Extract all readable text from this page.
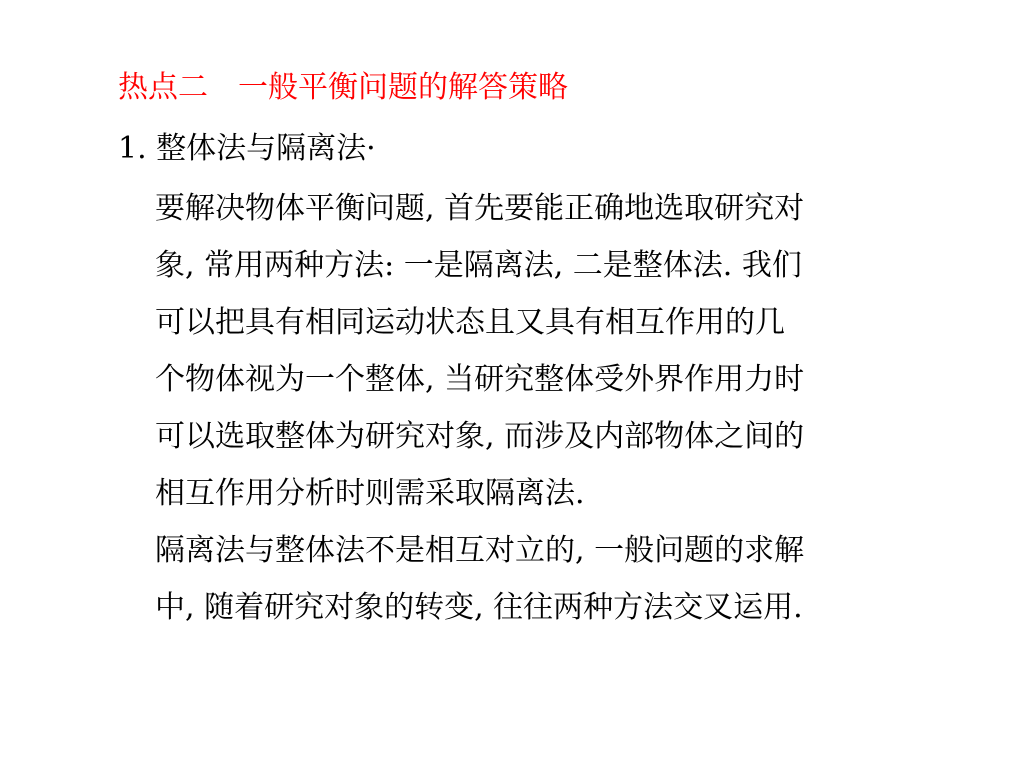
热点二 一般平衡问题的解答策略
1. 整体法与隔离法·
要解决物体平衡问题, 首先要能正确地选取研究对
象, 常用两种方法: 一是隔离法, 二是整体法. 我们
可以把具有相同运动状态且又具有相互作用的几
个物体视为一个整体, 当研究整体受外界作用力时
可以选取整体为研究对象, 而涉及内部物体之间的
相互作用分析时则需采取隔离法.
隔离法与整体法不是相互对立的, 一般问题的求解
中, 随着研究对象的转变, 往往两种方法交叉运用.
